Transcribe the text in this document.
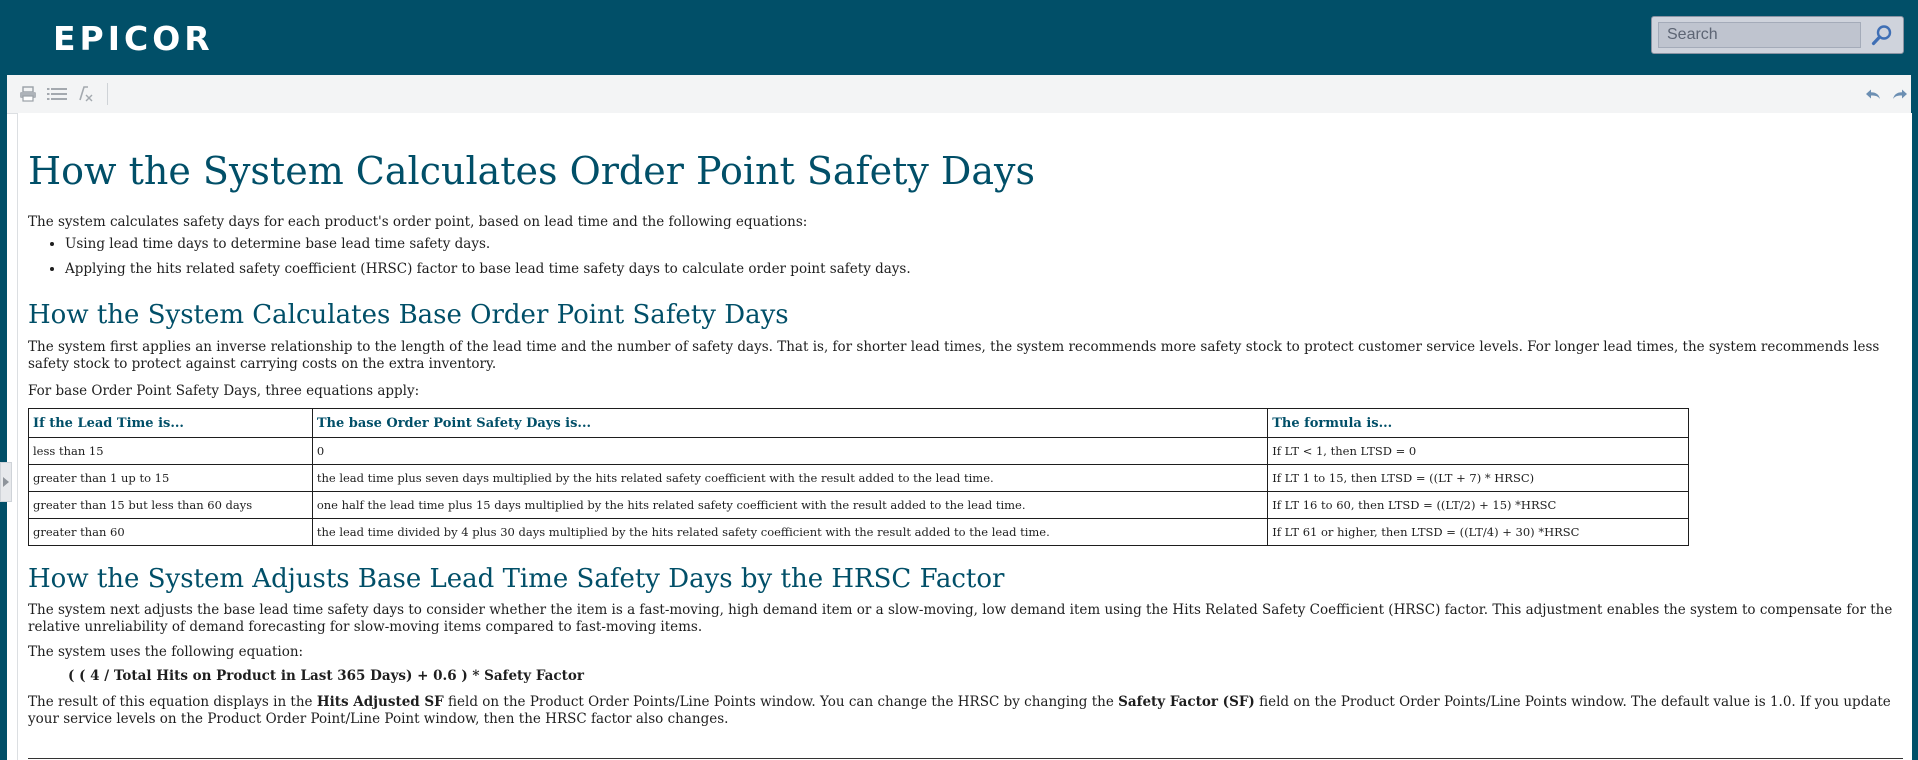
EPICOR
Search
How the System Calculates Order Point Safety Days

The system calculates safety days for each product's order point, based on lead time and the following equations:

• Using lead time days to determine base lead time safety days.
• Applying the hits related safety coefficient (HRSC) factor to base lead time safety days to calculate order point safety days.
How the System Calculates Base Order Point Safety Days

The system first applies an inverse relationship to the length of the lead time and the number of safety days. That is, for shorter lead times, the system recommends more safety stock to protect customer service levels. For longer lead times, the system recommends less safety stock to protect against carrying costs on the extra inventory.

For base Order Point Safety Days, three equations apply:

If the Lead Time is...	The base Order Point Safety Days is...	The formula is...
less than 15	0	If LT < 1, then LTSD = 0
greater than 1 up to 15	the lead time plus seven days multiplied by the hits related safety coefficient with the result added to the lead time.	If LT 1 to 15, then LTSD = ((LT + 7) * HRSC)
greater than 15 but less than 60 days	one half the lead time plus 15 days multiplied by the hits related safety coefficient with the result added to the lead time.	If LT 16 to 60, then LTSD = ((LT/2) + 15) *HRSC
greater than 60	the lead time divided by 4 plus 30 days multiplied by the hits related safety coefficient with the result added to the lead time.	If LT 61 or higher, then LTSD = ((LT/4) + 30) *HRSC
How the System Adjusts Base Lead Time Safety Days by the HRSC Factor

The system next adjusts the base lead time safety days to consider whether the item is a fast-moving, high demand item or a slow-moving, low demand item using the Hits Related Safety Coefficient (HRSC) factor. This adjustment enables the system to compensate for the relative unreliability of demand forecasting for slow-moving items compared to fast-moving items.

The system uses the following equation:

( ( 4 / Total Hits on Product in Last 365 Days) + 0.6 ) * Safety Factor

The result of this equation displays in the Hits Adjusted SF field on the Product Order Points/Line Points window. You can change the HRSC by changing the Safety Factor (SF) field on the Product Order Points/Line Points window. The default value is 1.0. If you update your service levels on the Product Order Point/Line Point window, then the HRSC factor also changes.
